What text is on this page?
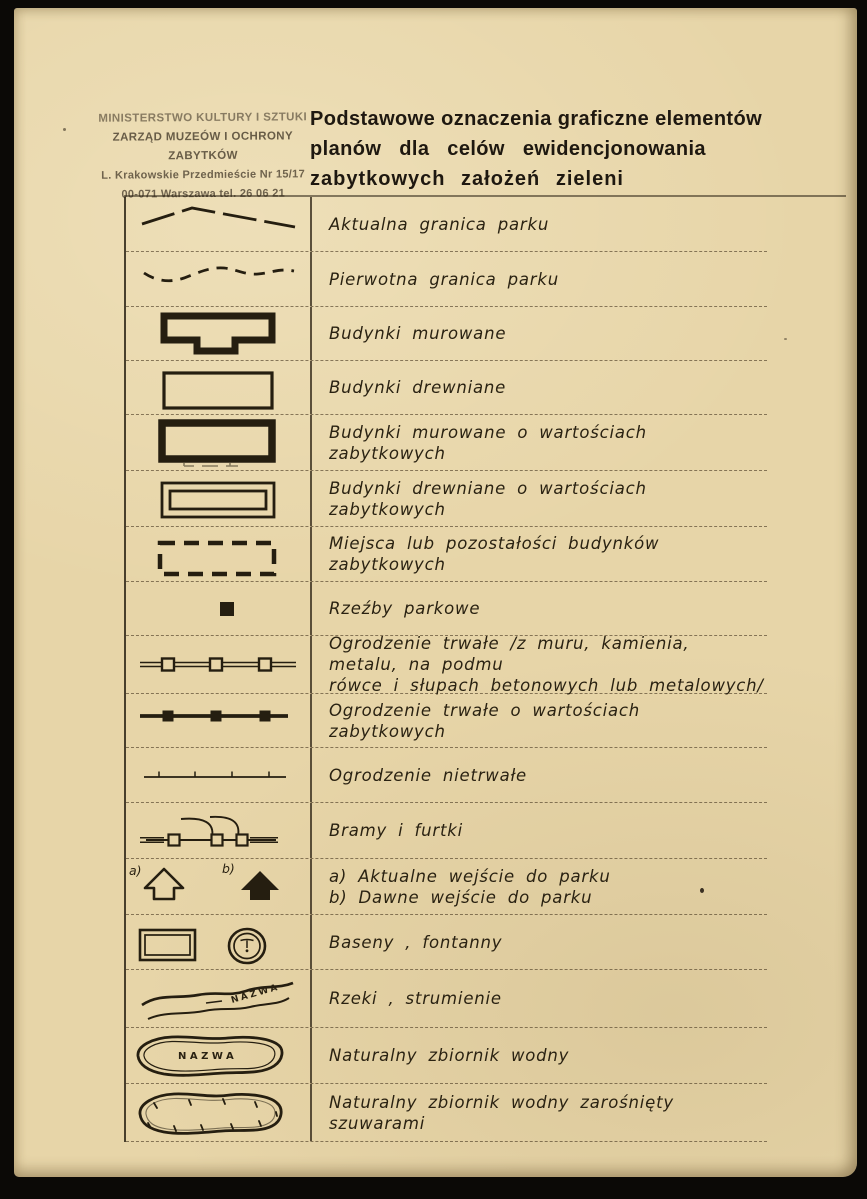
MINISTERSTWO KULTURY I SZTUKI
ZARZĄD MUZEÓW I OCHRONY ZABYTKÓW
L. Krakowskie Przedmieście Nr 15/17
00-071 Warszawa tel. 26 06 21
Podstawowe oznaczenia graficzne elementów
planów dla celów ewidencjonowania
zabytkowych założeń zieleni
Aktualna granica parku
Pierwotna granica parku
Budynki murowane
Budynki drewniane
Budynki murowane o wartościach zabytkowych
Budynki drewniane o wartościach zabytkowych
Miejsca lub pozostałości budynków zabytkowych
Rzeźby parkowe
Ogrodzenie trwałe /z muru, kamienia, metalu, na podmu
rówce i słupach betonowych lub metalowych/
Ogrodzenie trwałe o wartościach zabytkowych
Ogrodzenie nietrwałe
Bramy i furtki
a)	b)	a) Aktualne wejście do parku
b) Dawne wejście do parku
Baseny , fontanny
NAZWA	Rzeki , strumienie
NAZWA	Naturalny zbiornik wodny
Naturalny zbiornik wodny zarośnięty szuwarami
